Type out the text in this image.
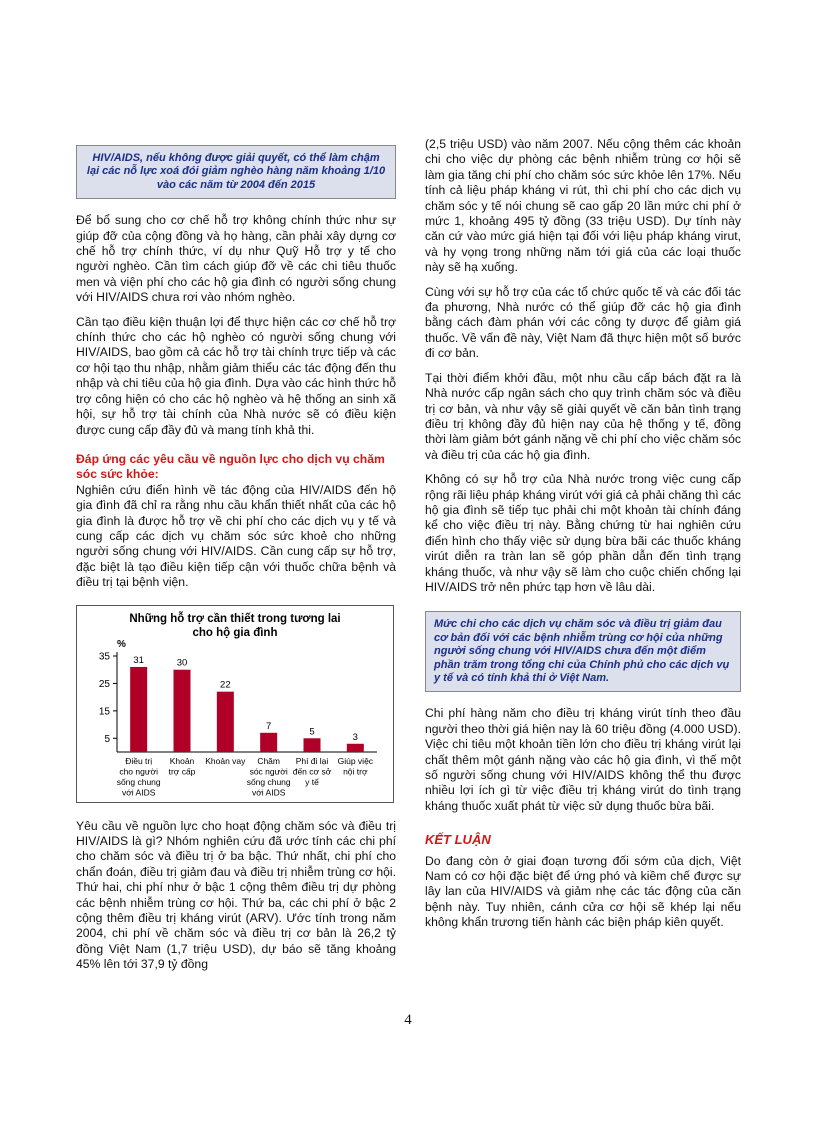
HIV/AIDS, nếu không được giải quyết, có thể làm chậm lại các nỗ lực xoá đói giảm nghèo hàng năm khoảng 1/10 vào các năm từ 2004 đến 2015

Để bổ sung cho cơ chế hỗ trợ không chính thức như sự giúp đỡ của cộng đồng và họ hàng, cần phải xây dựng cơ chế hỗ trợ chính thức, ví dụ như Quỹ Hỗ trợ y tế cho người nghèo. Cần tìm cách giúp đỡ về các chi tiêu thuốc men và viện phí cho các hộ gia đình có người sống chung với HIV/AIDS chưa rơi vào nhóm nghèo.

Cần tạo điều kiện thuận lợi để thực hiện các cơ chế hỗ trợ chính thức cho các hộ nghèo có người sống chung với HIV/AIDS, bao gồm cả các hỗ trợ tài chính trực tiếp và các cơ hội tạo thu nhập, nhằm giảm thiểu các tác động đến thu nhập và chi tiêu của hộ gia đình. Dựa vào các hình thức hỗ trợ công hiện có cho các hộ nghèo và hệ thống an sinh xã hội, sự hỗ trợ tài chính của Nhà nước sẽ có điều kiện được cung cấp đầy đủ và mang tính khả thi.

Đáp ứng các yêu cầu về nguồn lực cho dịch vụ chăm sóc sức khỏe:

Nghiên cứu điển hình về tác động của HIV/AIDS đến hộ gia đình đã chỉ ra rằng nhu cầu khẩn thiết nhất của các hộ gia đình là được hỗ trợ về chi phí cho các dịch vụ y tế và cung cấp các dịch vụ chăm sóc sức khoẻ cho những người sống chung với HIV/AIDS. Cần cung cấp sự hỗ trợ, đặc biệt là tạo điều kiện tiếp cận với thuốc chữa bệnh và điều trị tại bệnh viện.

Những hỗ trợ cần thiết trong tương lai
cho hộ gia đình
%
5
15
25
35 31
Điều trị
cho người
sống chung
với AIDS
30
Khoản
trợ cấp
22
Khoản vay
7
Chăm
sóc người
sống chung
với AIDS
5
Phí đi lại
đến cơ sở
y tế
3
Giúp việc
nội trợ

Yêu cầu về nguồn lực cho hoạt động chăm sóc và điều trị HIV/AIDS là gì? Nhóm nghiên cứu đã ước tính các chi phí cho chăm sóc và điều trị ở ba bậc. Thứ nhất, chi phí cho chẩn đoán, điều trị giảm đau và điều trị nhiễm trùng cơ hội. Thứ hai, chi phí như ở bậc 1 cộng thêm điều trị dự phòng các bệnh nhiễm trùng cơ hội. Thứ ba, các chi phí ở bậc 2 cộng thêm điều trị kháng virút (ARV). Ước tính trong năm 2004, chi phí về chăm sóc và điều trị cơ bản là 26,2 tỷ đồng Việt Nam (1,7 triệu USD), dự báo sẽ tăng khoảng 45% lên tới 37,9 tỷ đồng

(2,5 triệu USD) vào năm 2007. Nếu cộng thêm các khoản chi cho việc dự phòng các bệnh nhiễm trùng cơ hội sẽ làm gia tăng chi phí cho chăm sóc sức khỏe lên 17%. Nếu tính cả liệu pháp kháng vi rút, thì chi phí cho các dịch vụ chăm sóc y tế nói chung sẽ cao gấp 20 lần mức chi phí ở mức 1, khoảng 495 tỷ đồng (33 triệu USD). Dự tính này căn cứ vào mức giá hiện tại đối với liệu pháp kháng virut, và hy vọng trong những năm tới giá của các loại thuốc này sẽ hạ xuống.

Cùng với sự hỗ trợ của các tổ chức quốc tế và các đối tác đa phương, Nhà nước có thể giúp đỡ các hộ gia đình bằng cách đàm phán với các công ty dược để giảm giá thuốc. Về vấn đề này, Việt Nam đã thực hiện một số bước đi cơ bản.

Tại thời điểm khởi đầu, một nhu cầu cấp bách đặt ra là Nhà nước cấp ngân sách cho quy trình chăm sóc và điều trị cơ bản, và như vậy sẽ giải quyết về căn bản tình trạng điều trị không đầy đủ hiện nay của hệ thống y tế, đồng thời làm giảm bớt gánh nặng về chi phí cho việc chăm sóc và điều trị của các hộ gia đình.

Không có sự hỗ trợ của Nhà nước trong việc cung cấp rộng rãi liệu pháp kháng virút với giá cả phải chăng thì các hộ gia đình sẽ tiếp tục phải chi một khoản tài chính đáng kể cho việc điều trị này. Bằng chứng từ hai nghiên cứu điển hình cho thấy việc sử dụng bừa bãi các thuốc kháng virút diễn ra tràn lan sẽ góp phần dẫn đến tình trạng kháng thuốc, và như vậy sẽ làm cho cuộc chiến chống lại HIV/AIDS trở nên phức tạp hơn về lâu dài.

Mức chi cho các dịch vụ chăm sóc và điều trị giảm đau cơ bản đối với các bệnh nhiễm trùng cơ hội của những người sống chung với HIV/AIDS chưa đến một điểm phần trăm trong tổng chi của Chính phủ cho các dịch vụ y tế và có tính khả thi ở Việt Nam.

Chi phí hàng năm cho điều trị kháng virút tính theo đầu người theo thời giá hiện nay là 60 triệu đồng (4.000 USD). Việc chi tiêu một khoản tiền lớn cho điều trị kháng virút lại chất thêm một gánh nặng vào các hộ gia đình, vì thế một số người sống chung với HIV/AIDS không thể thu được nhiều lợi ích gì từ việc điều trị kháng virút do tình trạng kháng thuốc xuất phát từ việc sử dụng thuốc bừa bãi.

KẾT LUẬN

Do đang còn ở giai đoạn tương đối sớm của dịch, Việt Nam có cơ hội đặc biệt để ứng phó và kiềm chế được sự lây lan của HIV/AIDS và giảm nhẹ các tác động của căn bệnh này. Tuy nhiên, cánh cửa cơ hội sẽ khép lại nếu không khẩn trương tiến hành các biện pháp kiên quyết.

4
